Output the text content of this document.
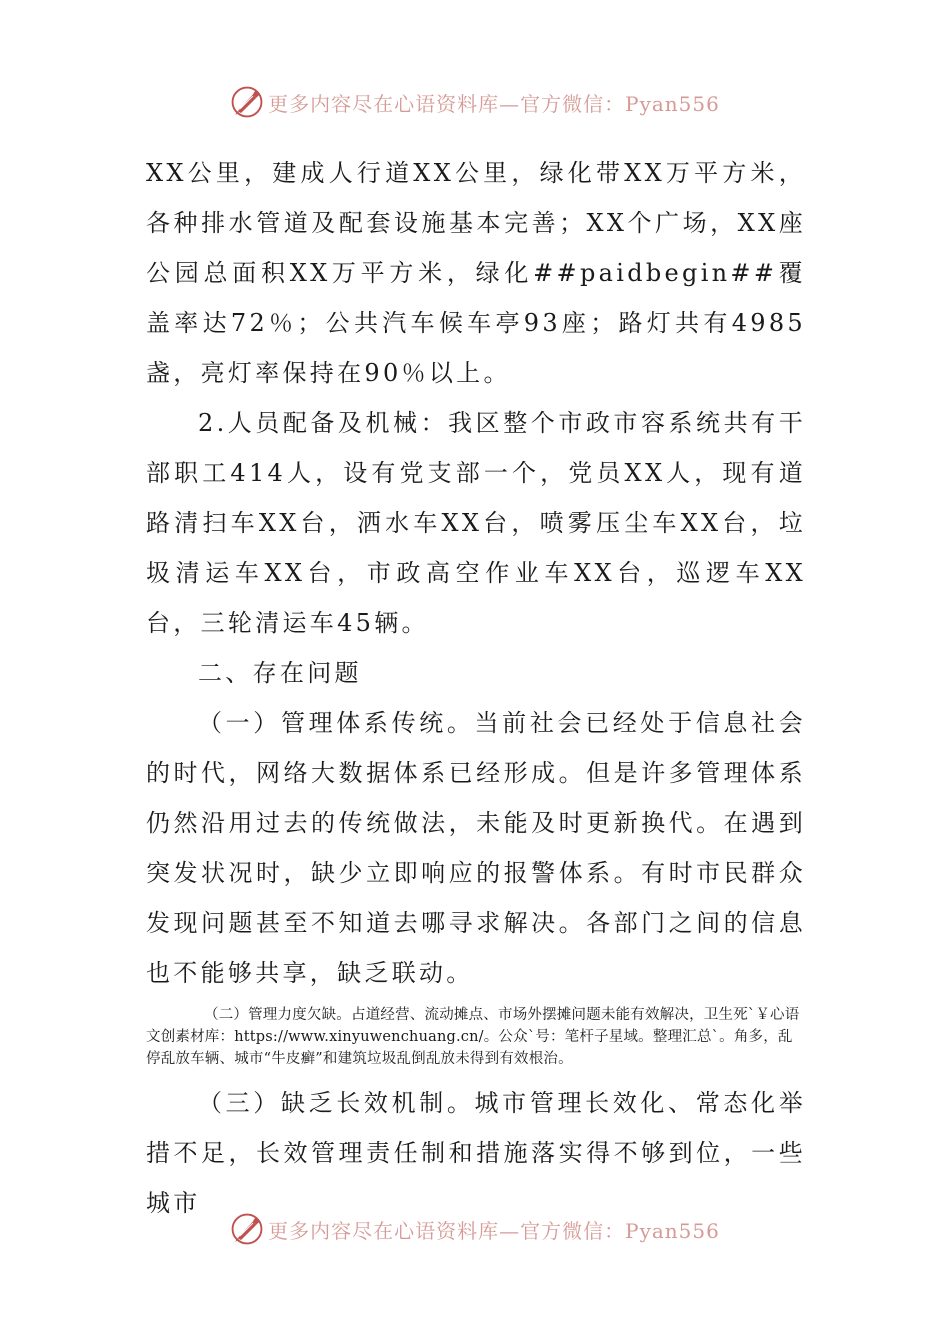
更多内容尽在心语资料库—官方微信：Pyan556

XX公里，建成人行道XX公里，绿化带XX万平方米，各种排水管道及配套设施基本完善；XX个广场，XX座公园总面积XX万平方米，绿化##paidbegin##覆盖率达72％；公共汽车候车亭93座；路灯共有4985盏，亮灯率保持在90％以上。

2.人员配备及机械：我区整个市政市容系统共有干部职工414人，设有党支部一个，党员XX人，现有道路清扫车XX台，洒水车XX台，喷雾压尘车XX台，垃圾清运车XX台，市政高空作业车XX台，巡逻车XX台，三轮清运车45辆。

二、存在问题

（一）管理体系传统。当前社会已经处于信息社会的时代，网络大数据体系已经形成。但是许多管理体系仍然沿用过去的传统做法，未能及时更新换代。在遇到突发状况时，缺少立即响应的报警体系。有时市民群众发现问题甚至不知道去哪寻求解决。各部门之间的信息也不能够共享，缺乏联动。

（二）管理力度欠缺。占道经营、流动摊点、市场外摆摊问题未能有效解决，卫生死`￥心语文创素材库：https://www.xinyuwenchuang.cn/。公众`号：笔杆子星域。整理汇总`。角多，乱停乱放车辆、城市“牛皮癣”和建筑垃圾乱倒乱放未得到有效根治。

（三）缺乏长效机制。城市管理长效化、常态化举措不足，长效管理责任制和措施落实得不够到位，一些城市

更多内容尽在心语资料库—官方微信：Pyan556
